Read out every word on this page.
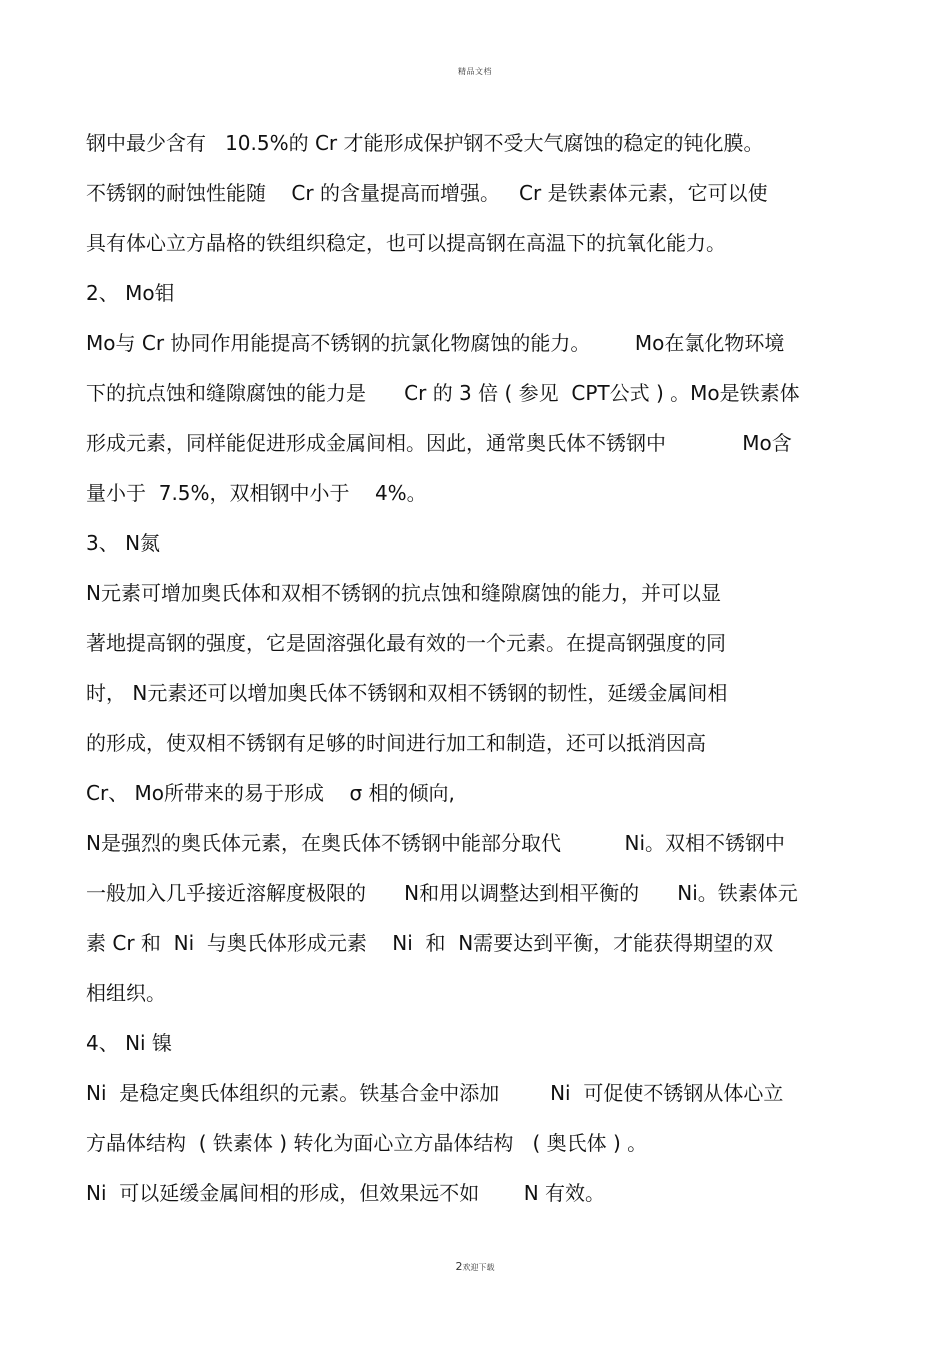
精品文档
钢中最少含有   10.5%的 Cr 才能形成保护钢不受大气腐蚀的稳定的钝化膜。
不锈钢的耐蚀性能随    Cr 的含量提高而增强。   Cr 是铁素体元素，它可以使
具有体心立方晶格的铁组织稳定，也可以提高钢在高温下的抗氧化能力。
2、 Mo钼
Mo与 Cr 协同作用能提高不锈钢的抗氯化物腐蚀的能力。       Mo在氯化物环境
下的抗点蚀和缝隙腐蚀的能力是      Cr 的 3 倍 ( 参见  CPT公式 ) 。Mo是铁素体
形成元素，同样能促进形成金属间相。因此，通常奥氏体不锈钢中            Mo含
量小于  7.5%，双相钢中小于    4%。
3、 N氮
N元素可增加奥氏体和双相不锈钢的抗点蚀和缝隙腐蚀的能力，并可以显
著地提高钢的强度，它是固溶强化最有效的一个元素。在提高钢强度的同
时， N元素还可以增加奥氏体不锈钢和双相不锈钢的韧性，延缓金属间相
的形成，使双相不锈钢有足够的时间进行加工和制造，还可以抵消因高
Cr、 Mo所带来的易于形成    σ 相的倾向,
N是强烈的奥氏体元素，在奥氏体不锈钢中能部分取代          Ni。双相不锈钢中
一般加入几乎接近溶解度极限的      N和用以调整达到相平衡的      Ni。铁素体元
素 Cr 和  Ni  与奥氏体形成元素    Ni  和  N需要达到平衡，才能获得期望的双
相组织。
4、 Ni 镍
Ni  是稳定奥氏体组织的元素。铁基合金中添加        Ni  可促使不锈钢从体心立
方晶体结构  ( 铁素体 ) 转化为面心立方晶体结构   ( 奥氏体 ) 。
Ni  可以延缓金属间相的形成，但效果远不如       N 有效。
2欢迎下载
